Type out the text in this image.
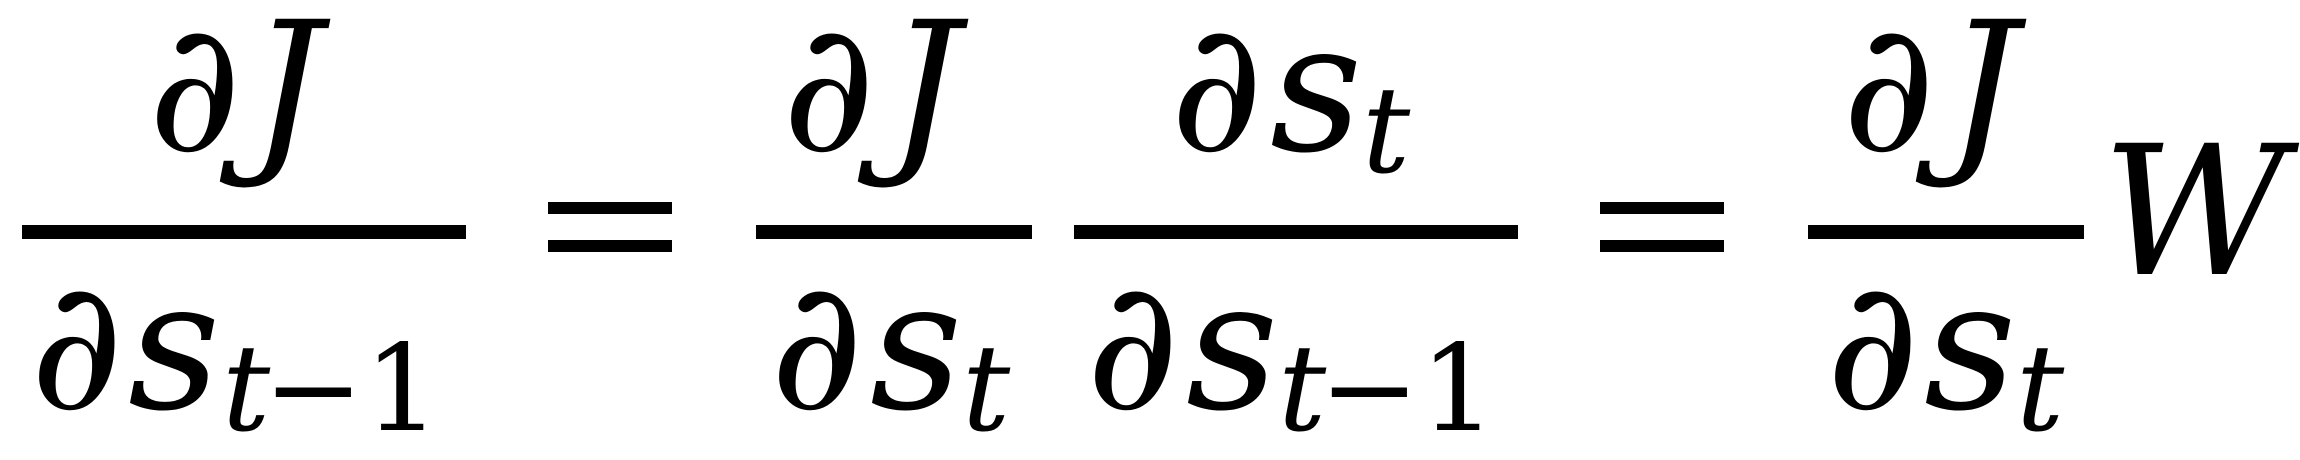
∂ J
∂ s t
− 1
=
∂ J
∂ s t
∂ s t
∂ s t
− 1
=
∂ J
∂ s t
W
